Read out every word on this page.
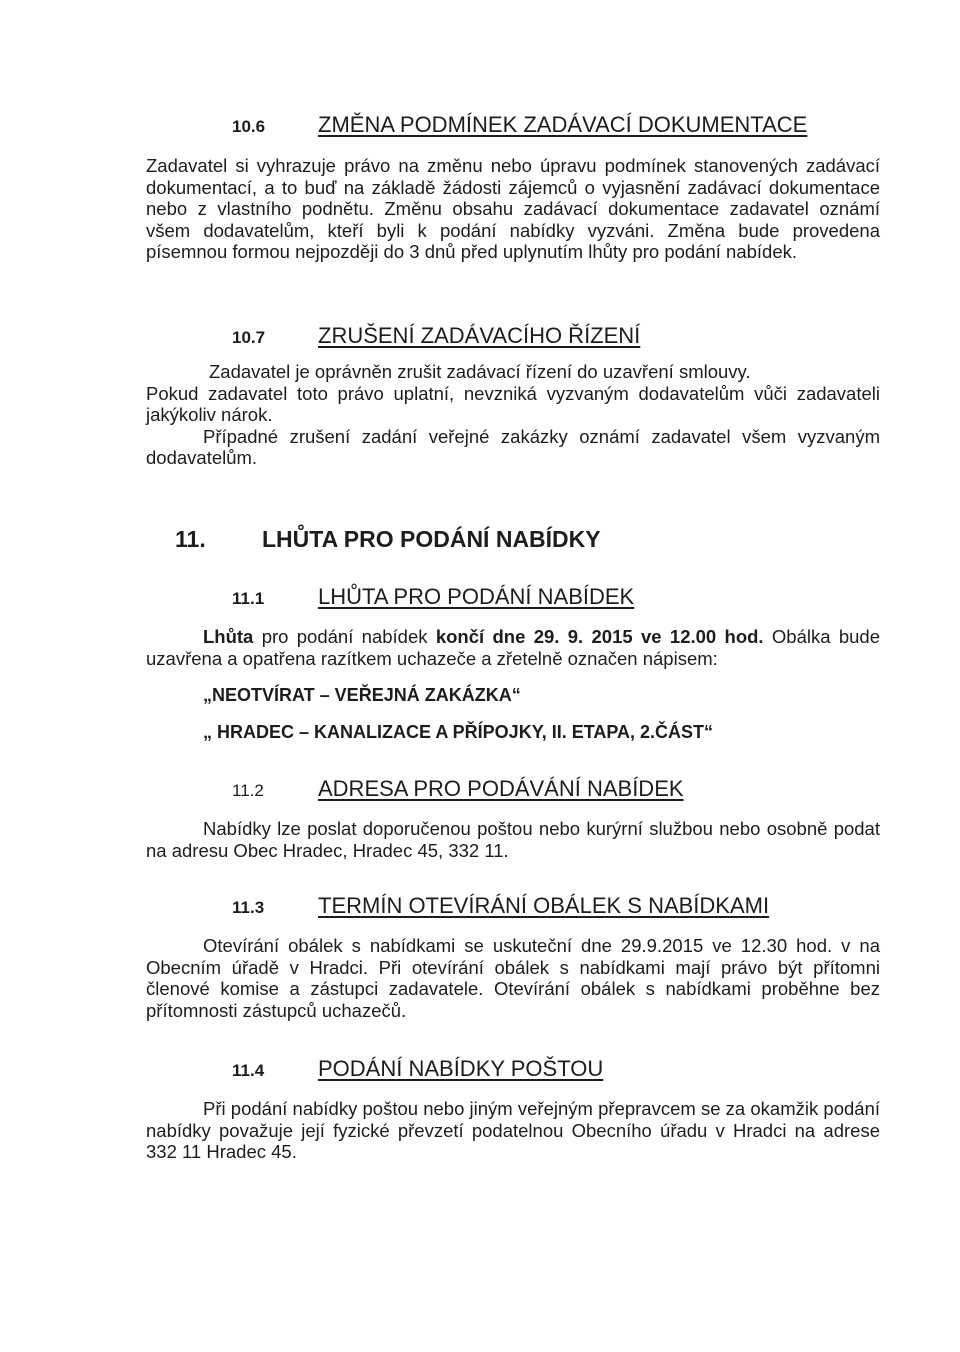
10.6	ZMĚNA PODMÍNEK ZADÁVACÍ DOKUMENTACE

Zadavatel si vyhrazuje právo na změnu nebo úpravu podmínek stanovených zadávací dokumentací, a to buď na základě žádosti zájemců o vyjasnění zadávací dokumentace nebo z vlastního podnětu. Změnu obsahu zadávací dokumentace zadavatel oznámí všem dodavatelům, kteří byli k podání nabídky vyzváni. Změna bude provedena písemnou formou nejpozději do 3 dnů před uplynutím lhůty pro podání nabídek.

10.7	ZRUŠENÍ ZADÁVACÍHO ŘÍZENÍ

Zadavatel je oprávněn zrušit zadávací řízení do uzavření smlouvy.

Pokud zadavatel toto právo uplatní, nevzniká vyzvaným dodavatelům vůči zadavateli jakýkoliv nárok.

Případné zrušení zadání veřejné zakázky oznámí zadavatel všem vyzvaným dodavatelům.

11.	LHŮTA PRO PODÁNÍ NABÍDKY
11.1	LHŮTA PRO PODÁNÍ NABÍDEK

Lhůta pro podání nabídek končí dne 29. 9. 2015 ve 12.00 hod. Obálka bude uzavřena a opatřena razítkem uchazeče a zřetelně označen nápisem:

„NEOTVÍRAT – VEŘEJNÁ ZAKÁZKA“
„ HRADEC – KANALIZACE A PŘÍPOJKY, II. ETAPA, 2.ČÁST“
11.2	ADRESA PRO PODÁVÁNÍ NABÍDEK

Nabídky lze poslat doporučenou poštou nebo kurýrní službou nebo osobně podat na adresu Obec Hradec, Hradec 45, 332 11.

11.3	TERMÍN OTEVÍRÁNÍ OBÁLEK S NABÍDKAMI

Otevírání obálek s nabídkami se uskuteční dne 29.9.2015 ve 12.30 hod. v na Obecním úřadě v Hradci. Při otevírání obálek s nabídkami mají právo být přítomni členové komise a zástupci zadavatele. Otevírání obálek s nabídkami proběhne bez přítomnosti zástupců uchazečů.

11.4	PODÁNÍ NABÍDKY POŠTOU

Při podání nabídky poštou nebo jiným veřejným přepravcem se za okamžik podání nabídky považuje její fyzické převzetí podatelnou Obecního úřadu v Hradci na adrese 332 11 Hradec 45.
